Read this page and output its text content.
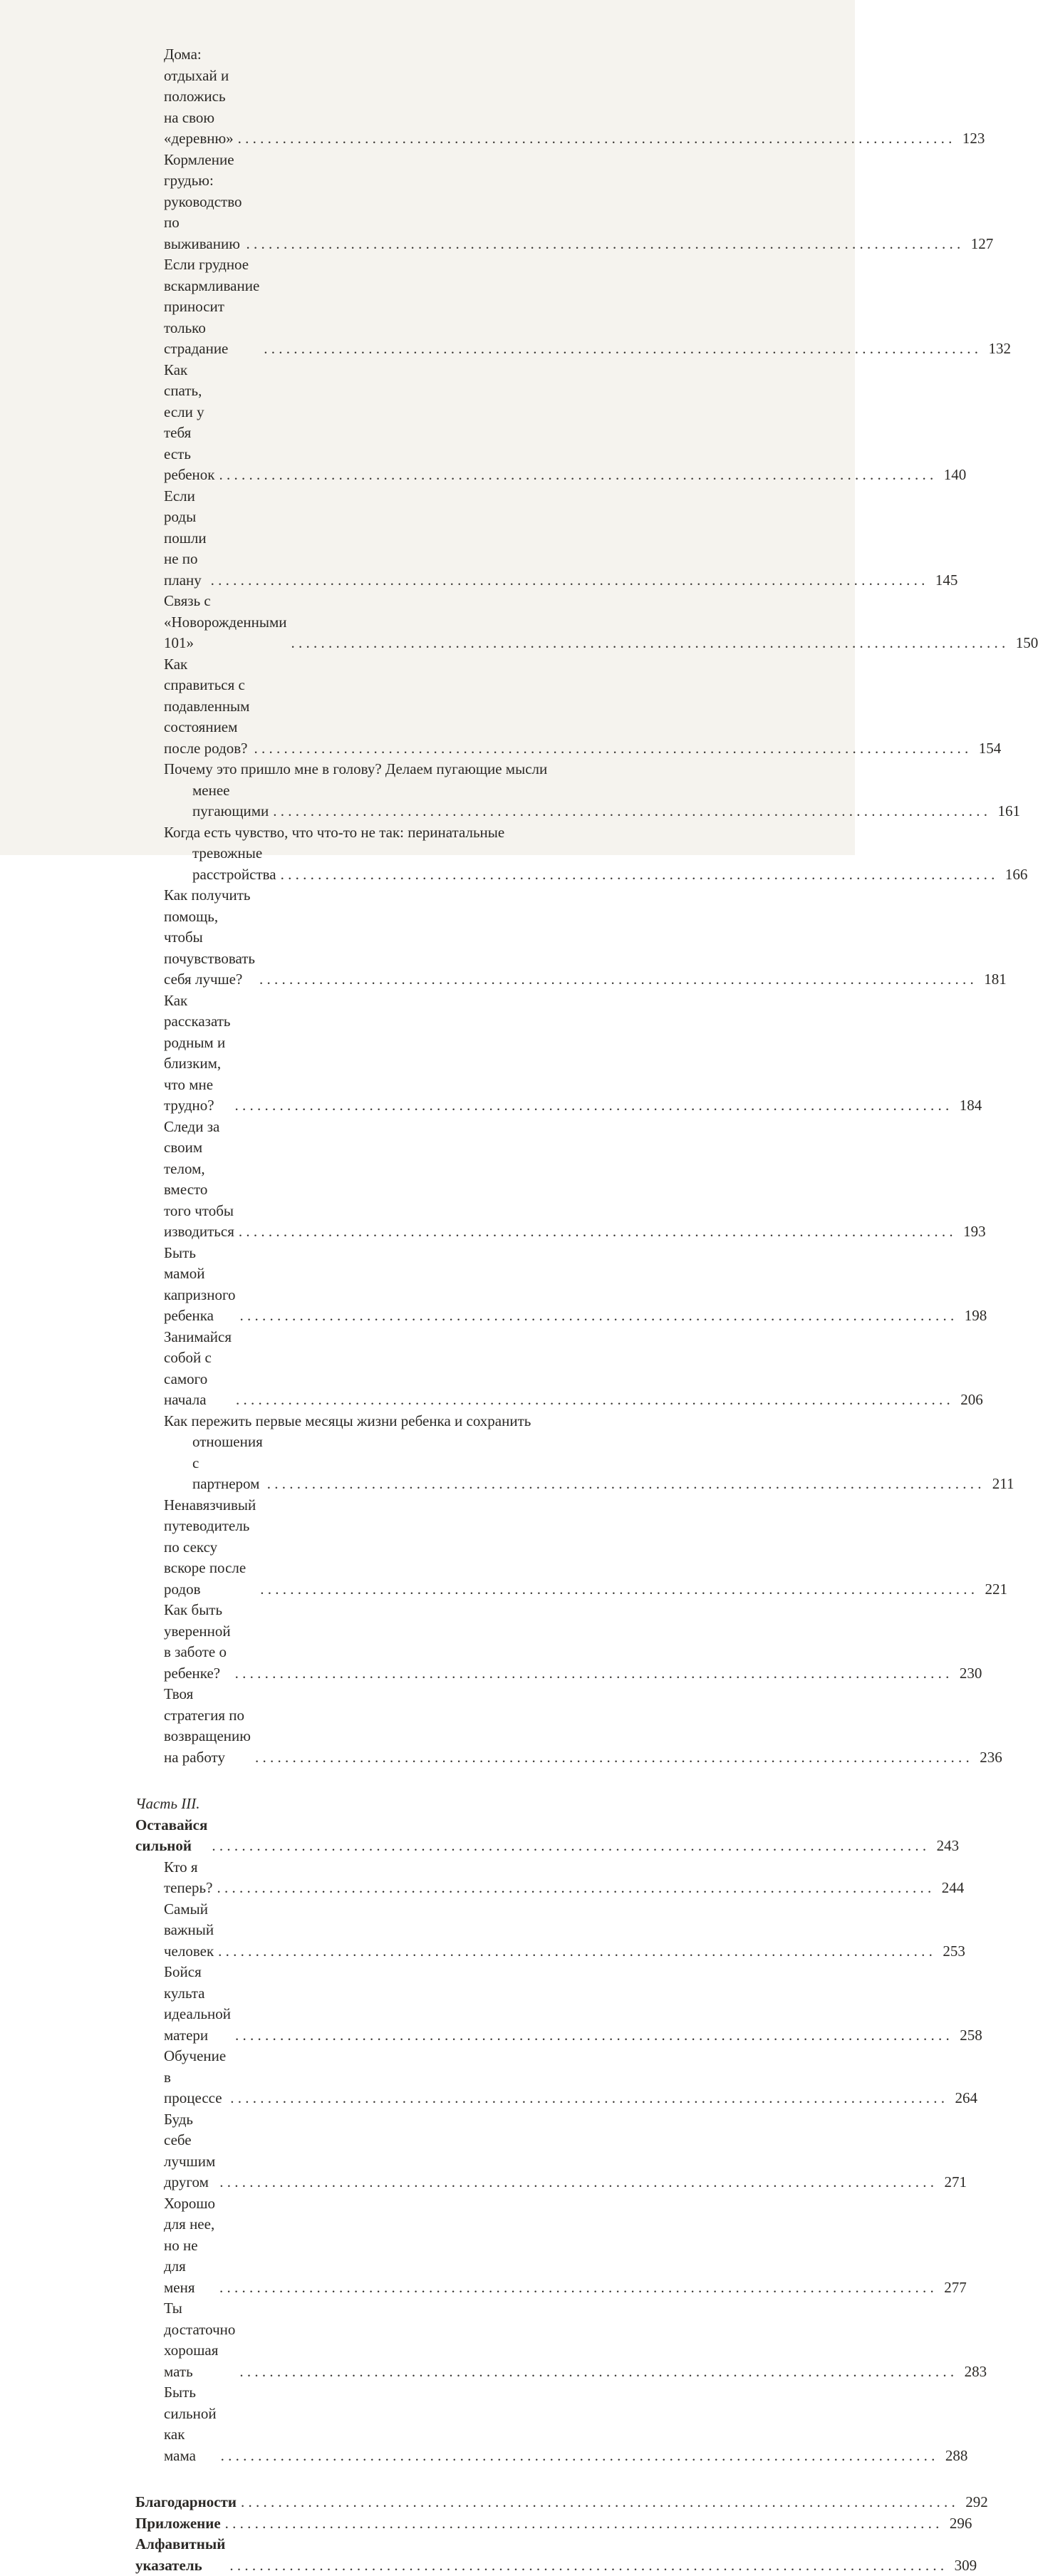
Дома: отдыхай и положись на свою «деревню» . . .	123
Кормление грудью: руководство по выживанию . . .	127
Если грудное вскармливание приносит только страдание . . .	132
Как спать, если у тебя есть ребенок . . .	140
Если роды пошли не по плану . . .	145
Связь с «Новорожденными 101» . . .	150
Как справиться с подавленным состоянием после родов? . . .	154
Почему это пришло мне в голову? Делаем пугающие мысли
менее пугающими . . .	161
Когда есть чувство, что что-то не так: перинатальные
тревожные расстройства . . .	166
Как получить помощь, чтобы почувствовать себя лучше? . . .	181
Как рассказать родным и близким, что мне трудно? . . .	184
Следи за своим телом, вместо того чтобы изводиться . . .	193
Быть мамой капризного ребенка . . .	198
Занимайся собой с самого начала . . .	206
Как пережить первые месяцы жизни ребенка и сохранить
отношения с партнером . . .	211
Ненавязчивый путеводитель по сексу вскоре после родов . . .	221
Как быть уверенной в заботе о ребенке? . . .	230
Твоя стратегия по возвращению на работу . . .	236
Часть III. Оставайся сильной . . .	243
Кто я теперь? . . .	244
Самый важный человек . . .	253
Бойся культа идеальной матери . . .	258
Обучение в процессе . . .	264
Будь себе лучшим другом . . .	271
Хорошо для нее, но не для меня . . .	277
Ты достаточно хорошая мать . . .	283
Быть сильной как мама . . .	288
Благодарности . . .	292
Приложение . . .	296
Алфавитный указатель . . .	309
